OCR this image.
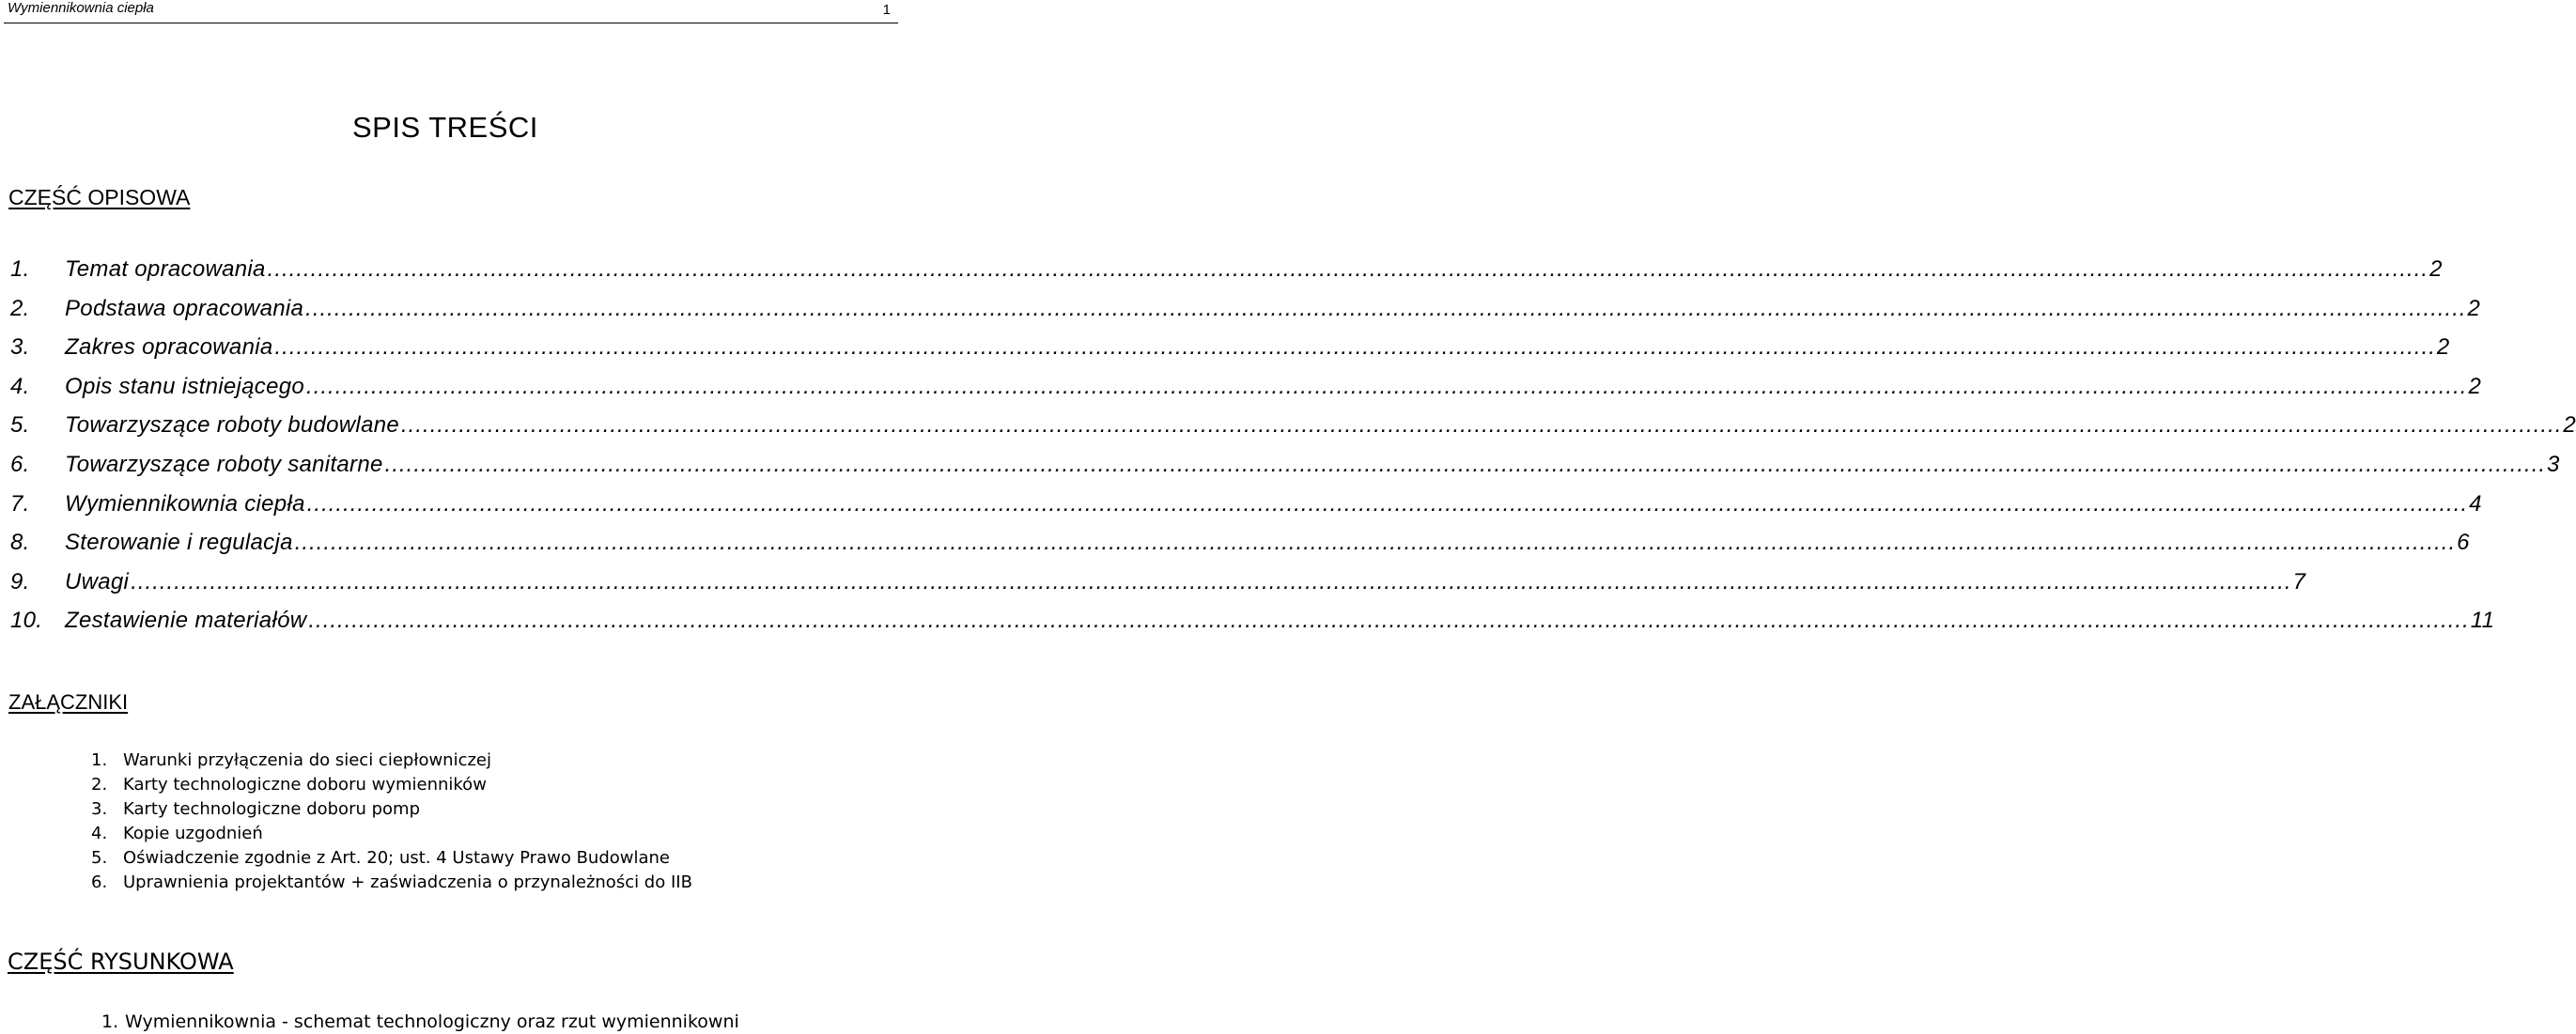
Wymiennikownia ciepła	1
SPIS TREŚCI
CZĘŚĆ OPISOWA
1.	Temat opracowania ............................................................................................................................................................................................................................................................................................................ 2
2.	Podstawa opracowania ............................................................................................................................................................................................................................................................................................................ 2
3.	Zakres opracowania ............................................................................................................................................................................................................................................................................................................ 2
4.	Opis stanu istniejącego ............................................................................................................................................................................................................................................................................................................ 2
5.	Towarzyszące roboty budowlane ............................................................................................................................................................................................................................................................................................................ 2
6.	Towarzyszące roboty sanitarne ............................................................................................................................................................................................................................................................................................................ 3
7.	Wymiennikownia ciepła ............................................................................................................................................................................................................................................................................................................ 4
8.	Sterowanie i regulacja ............................................................................................................................................................................................................................................................................................................ 6
9.	Uwagi ............................................................................................................................................................................................................................................................................................................ 7
10. Zestawienie materiałów ............................................................................................................................................................................................................................................................................................................ 11
ZAŁĄCZNIKI
1. Warunki przyłączenia do sieci ciepłowniczej
2. Karty technologiczne doboru wymienników
3. Karty technologiczne doboru pomp
4. Kopie uzgodnień
5. Oświadczenie zgodnie z Art. 20; ust. 4 Ustawy Prawo Budowlane
6. Uprawnienia projektantów + zaświadczenia o przynależności do IIB
CZĘŚĆ RYSUNKOWA
1. Wymiennikownia - schemat technologiczny oraz rzut wymiennikowni
